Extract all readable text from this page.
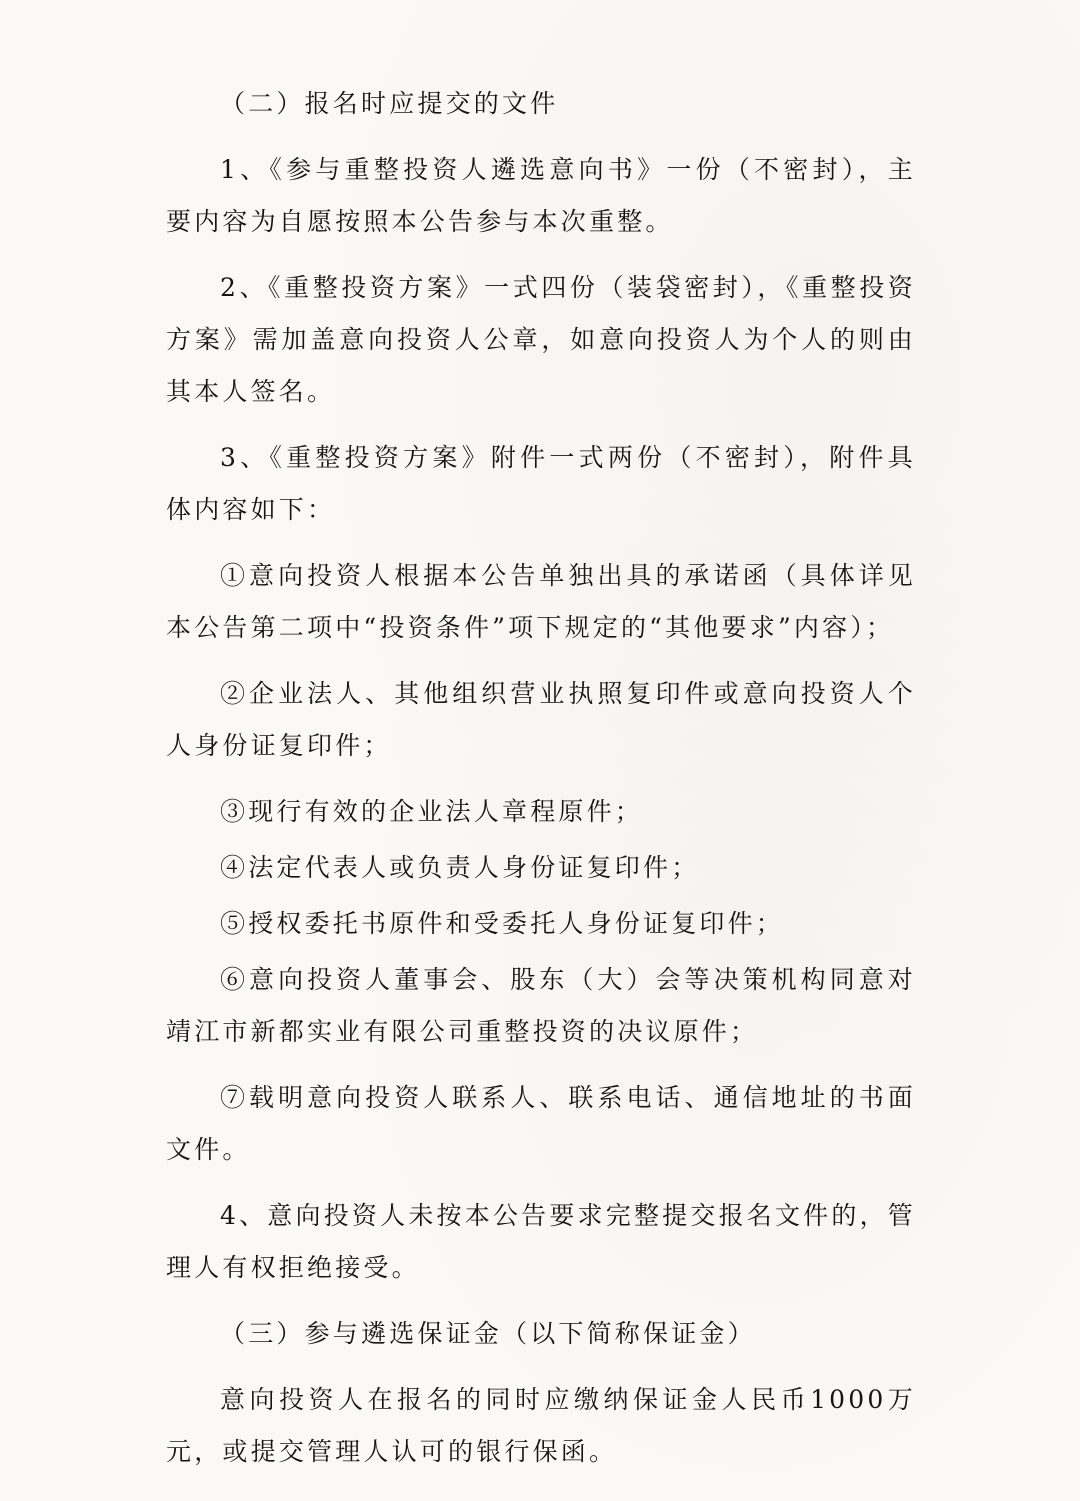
（二）报名时应提交的文件

1、《参与重整投资人遴选意向书》一份（不密封），主要内容为自愿按照本公告参与本次重整。

2、《重整投资方案》一式四份（装袋密封），《重整投资方案》需加盖意向投资人公章，如意向投资人为个人的则由其本人签名。

3、《重整投资方案》附件一式两份（不密封），附件具体内容如下：

①意向投资人根据本公告单独出具的承诺函（具体详见本公告第二项中“投资条件”项下规定的“其他要求”内容）；

②企业法人、其他组织营业执照复印件或意向投资人个人身份证复印件；

③现行有效的企业法人章程原件；

④法定代表人或负责人身份证复印件；

⑤授权委托书原件和受委托人身份证复印件；

⑥意向投资人董事会、股东（大）会等决策机构同意对靖江市新都实业有限公司重整投资的决议原件；

⑦载明意向投资人联系人、联系电话、通信地址的书面文件。

4、意向投资人未按本公告要求完整提交报名文件的，管理人有权拒绝接受。

（三）参与遴选保证金（以下简称保证金）

意向投资人在报名的同时应缴纳保证金人民币1000万元，或提交管理人认可的银行保函。
